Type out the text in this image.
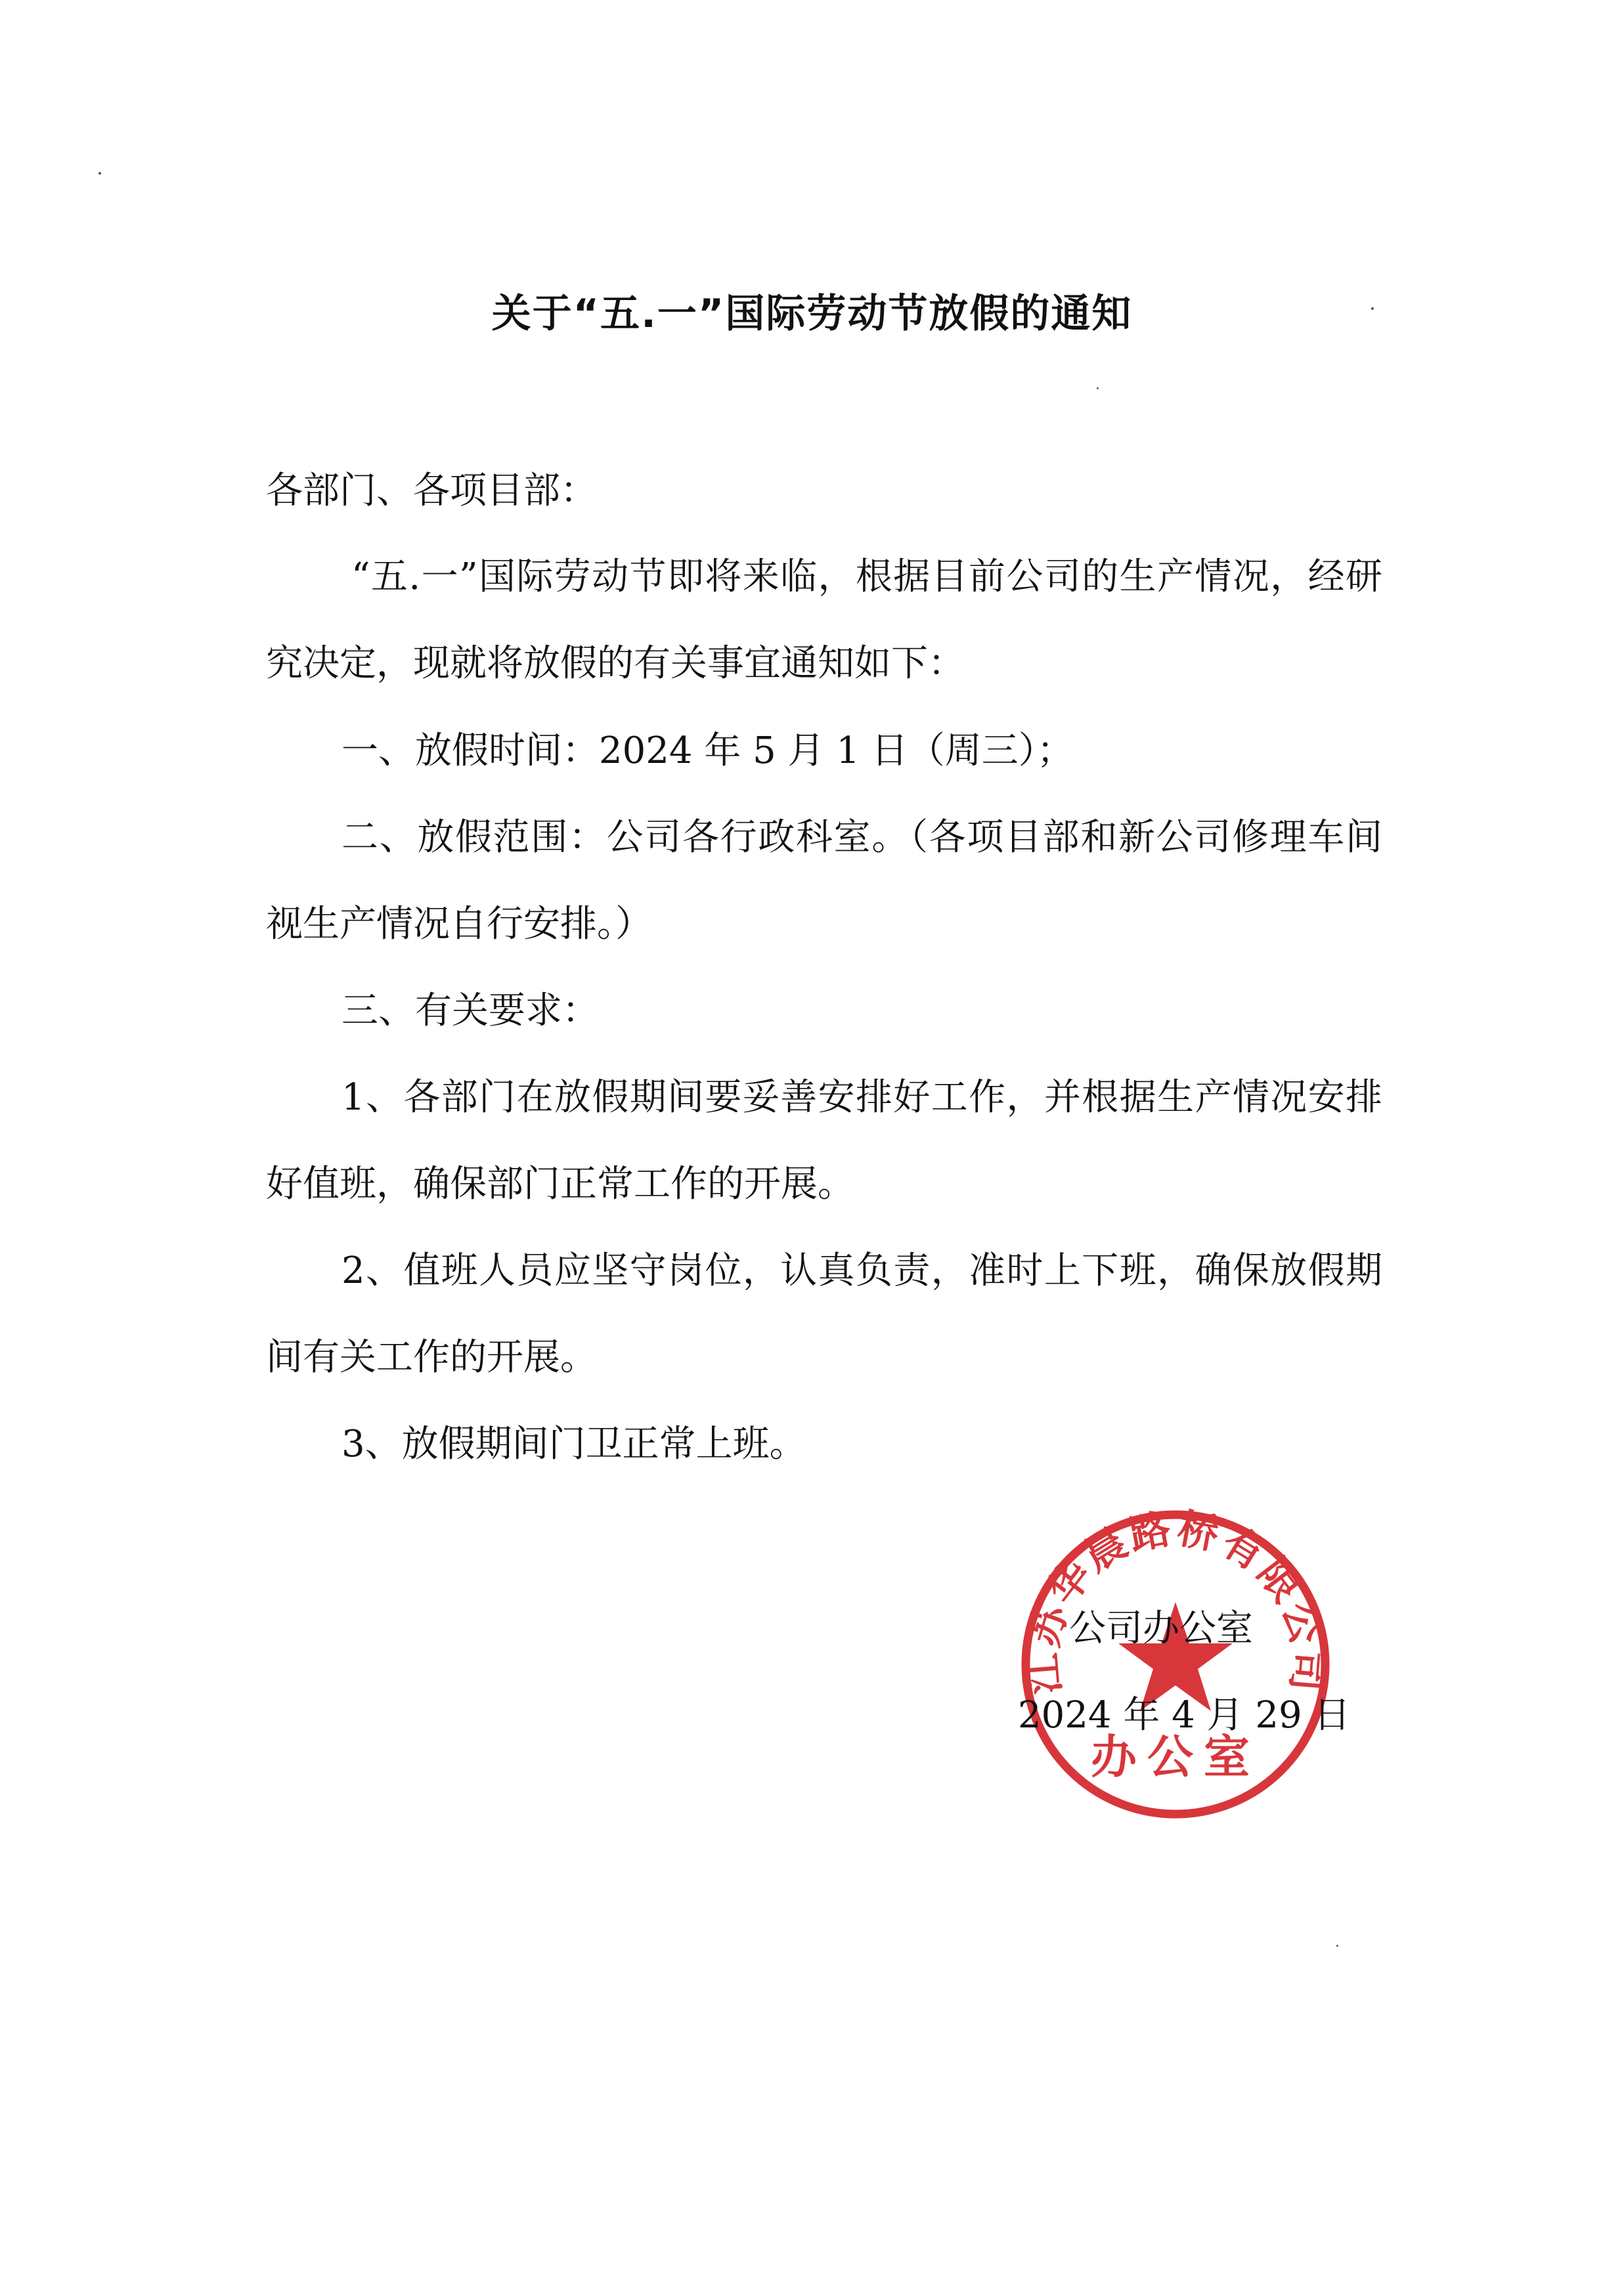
关于“五.一”国际劳动节放假的通知
各部门、各项目部：
“五.一”国际劳动节即将来临，根据目前公司的生产情况，经研
究决定，现就将放假的有关事宜通知如下：
一、放假时间：2024 年 5 月 1 日（周三）；
二、放假范围：公司各行政科室。（各项目部和新公司修理车间
视生产情况自行安排。）
三、有关要求：
1、各部门在放假期间要妥善安排好工作，并根据生产情况安排
好值班，确保部门正常工作的开展。
2、值班人员应坚守岗位，认真负责，准时上下班，确保放假期
间有关工作的开展。
3、放假期间门卫正常上班。
公司办公室
2024 年 4 月 29 日
江苏华晨路桥有限公司
办公室
